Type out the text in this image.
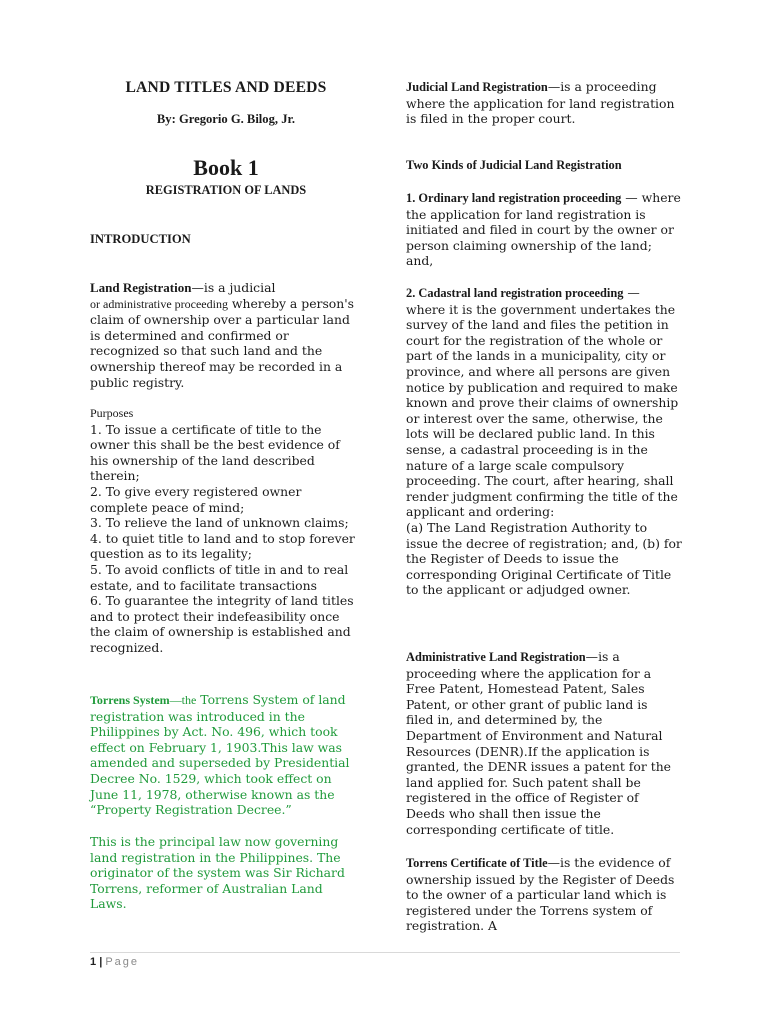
LAND TITLES AND DEEDS
By: Gregorio G. Bilog, Jr.
Book 1
REGISTRATION OF LANDS
INTRODUCTION

Land Registration—is a judicial
or administrative proceeding whereby a person's claim of ownership over a particular land is determined and confirmed or recognized so that such land and the ownership thereof may be recorded in a public registry.

Purposes

1. To issue a certificate of title to the owner this shall be the best evidence of his ownership of the land described therein;

2. To give every registered owner complete peace of mind;

3. To relieve the land of unknown claims;

4. to quiet title to land and to stop forever question as to its legality;

5. To avoid conflicts of title in and to real estate, and to facilitate transactions

6. To guarantee the integrity of land titles and to protect their indefeasibility once the claim of ownership is established and recognized.

Torrens System—the Torrens System of land registration was introduced in the Philippines by Act. No. 496, which took effect on February 1, 1903.This law was amended and superseded by Presidential Decree No. 1529, which took effect on June 11, 1978, otherwise known as the “Property Registration Decree.”

This is the principal law now governing land registration in the Philippines. The originator of the system was Sir Richard Torrens, reformer of Australian Land Laws.

Judicial Land Registration—is a proceeding where the application for land registration is filed in the proper court.

Two Kinds of Judicial Land Registration

1. Ordinary land registration proceeding — where the application for land registration is initiated and filed in court by the owner or person claiming ownership of the land; and,

2. Cadastral land registration proceeding — where it is the government undertakes the survey of the land and files the petition in court for the registration of the whole or part of the lands in a municipality, city or province, and where all persons are given notice by publication and required to make known and prove their claims of ownership or interest over the same, otherwise, the lots will be declared public land. In this sense, a cadastral proceeding is in the nature of a large scale compulsory proceeding. The court, after hearing, shall render judgment confirming the title of the applicant and ordering:

(a) The Land Registration Authority to issue the decree of registration; and, (b) for the Register of Deeds to issue the corresponding Original Certificate of Title to the applicant or adjudged owner.

Administrative Land Registration—is a proceeding where the application for a Free Patent, Homestead Patent, Sales Patent, or other grant of public land is filed in, and determined by, the Department of Environment and Natural Resources (DENR).If the application is granted, the DENR issues a patent for the land applied for. Such patent shall be registered in the office of Register of Deeds who shall then issue the corresponding certificate of title.

Torrens Certificate of Title—is the evidence of ownership issued by the Register of Deeds to the owner of a particular land which is registered under the Torrens system of registration. A

1 | Page
